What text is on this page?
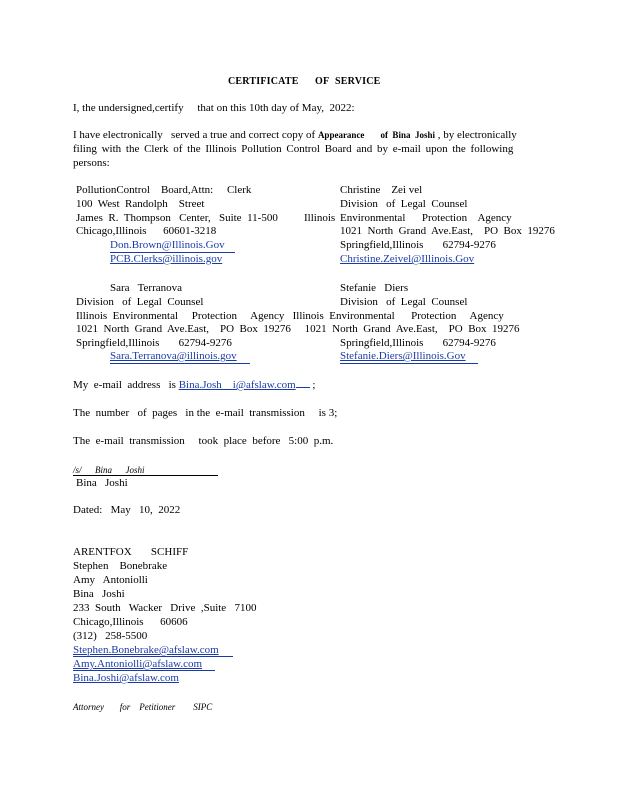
CERTIFICATE OF SERVICE
I, the undersigned,certify     that on this 10th day of May,  2022:
I have electronically   served a true and correct copy of Appearance of  Bina  Joshi , by electronically
filing with the Clerk of the Illinois Pollution Control Board and by e-mail upon the following
persons:
PollutionControl    Board,Attn:     Clerk
100  West  Randolph    Street
James  R.  Thompson   Center,   Suite  11-500 Illinois
Chicago,Illinois      60601-3218
Don.Brown@Illinois.Gov
PCB.Clerks@illinois.gov
Christine    Zei vel
Division   of  Legal  Counsel
Environmental      Protection    Agency
1021  North  Grand  Ave.East,    PO  Box  19276
Springfield,Illinois       62794-9276
Christine.Zeivel@Illinois.Gov
Sara   Terranova
Division   of  Legal  Counsel
Illinois  Environmental     Protection     Agency   Illinois  Environmental      Protection     Agency
1021  North  Grand  Ave.East,    PO  Box  19276     1021  North  Grand  Ave.East,    PO  Box  19276
Springfield,Illinois       62794-9276
Sara.Terranova@illinois.gov
Stefanie   Diers
Division   of  Legal  Counsel
Springfield,Illinois       62794-9276
Stefanie.Diers@Illinois.Gov
My  e-mail  address   is Bina.Josh    i@afslaw.com ;
The  number   of  pages   in the  e-mail  transmission     is 3;
The  e-mail  transmission     took  place  before   5:00  p.m.
/s/      Bina      Joshi
Bina   Joshi
Dated:   May   10,  2022
ARENTFOX       SCHIFF
Stephen    Bonebrake
Amy   Antoniolli
Bina   Joshi
233  South   Wacker   Drive  ,Suite   7100
Chicago,Illinois      60606
(312)   258-5500
Stephen.Bonebrake@afslaw.com
Amy.Antoniolli@afslaw.com
Bina.Joshi@afslaw.com
Attorney       for    Petitioner        SIPC
